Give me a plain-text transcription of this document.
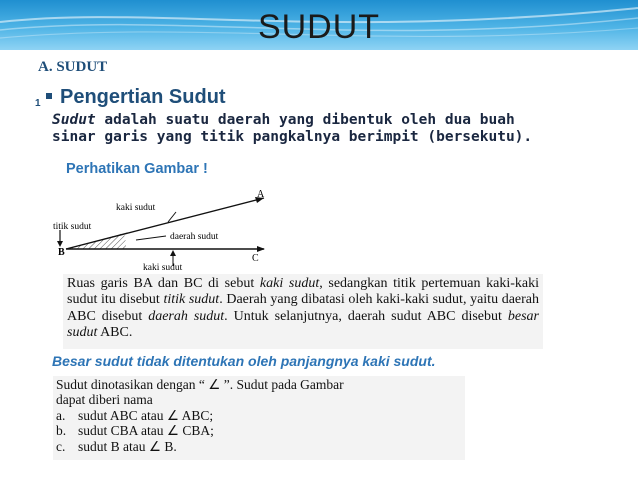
SUDUT
A. SUDUT
1 Pengertian Sudut
Sudut adalah suatu daerah yang dibentuk oleh dua buah
sinar garis yang titik pangkalnya berimpit (bersekutu).
Perhatikan Gambar !
A
B
C
kaki sudut
titik sudut
daerah sudut
kaki sudut
Ruas garis BA dan BC di sebut kaki sudut, sedangkan titik pertemuan kaki-kaki sudut itu disebut titik sudut. Daerah yang dibatasi oleh kaki-kaki sudut, yaitu daerah ABC disebut daerah sudut. Untuk selanjutnya, daerah sudut ABC disebut besar sudut ABC.
Besar sudut tidak ditentukan oleh panjangnya kaki sudut.
Sudut dinotasikan dengan “ ∠ ”. Sudut pada Gambar
dapat diberi nama
a. sudut ABC atau ∠ ABC;
b. sudut CBA atau ∠ CBA;
c. sudut B atau ∠ B.
